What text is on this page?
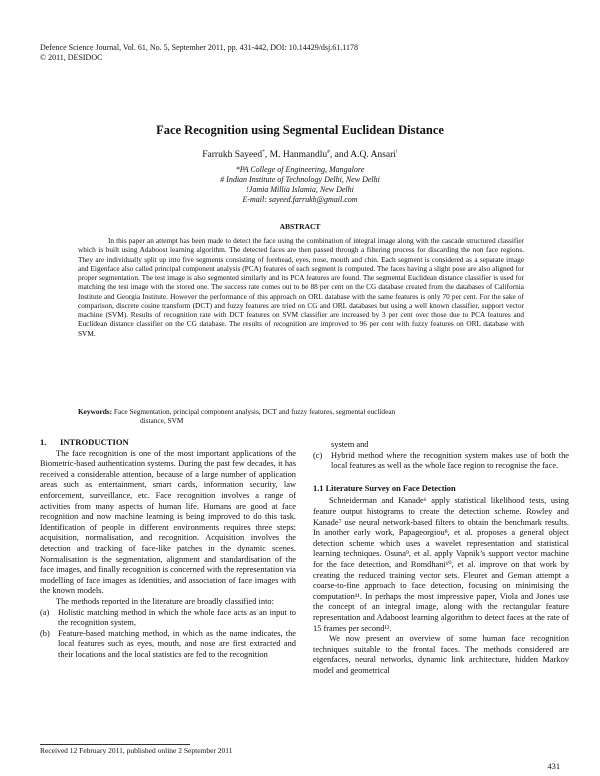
Defence Science Journal, Vol. 61, No. 5, September 2011, pp. 431-442, DOI: 10.14429/dsj.61.1178
© 2011, DESIDOC
Face Recognition using Segmental Euclidean Distance
Farrukh Sayeed*, M. Hanmandlu#, and A.Q. Ansari!
*PA College of Engineering, Mangalore
# Indian Institute of Technology Delhi, New Delhi
!Jamia Millia Islamia, New Delhi
E-mail: sayeed.farrukh@gmail.com
ABSTRACT

In this paper an attempt has been made to detect the face using the combination of integral image along with the cascade structured classifier which is built using Adaboost learning algorithm. The detected faces are then passed through a filtering process for discarding the non face regions. They are individually split up into five segments consisting of forehead, eyes, nose, mouth and chin. Each segment is considered as a separate image and Eigenface also called principal component analysis (PCA) features of each segment is computed. The faces having a slight pose are also aligned for proper segmentation. The test image is also segmented similarly and its PCA features are found. The segmental Euclidean distance classifier is used for matching the test image with the stored one. The success rate comes out to be 88 per cent on the CG database created from the databases of California Institute and Georgia Institute. However the performance of this approach on ORL database with the same features is only 70 per cent. For the sake of comparison, discrete cosine transform (DCT) and fuzzy features are tried on CG and ORL databases but using a well known classifier, support vector machine (SVM). Results of recognition rate with DCT features on SVM classifier are increased by 3 per cent over those due to PCA features and Euclidean distance classifier on the CG database. The results of recognition are improved to 96 per cent with fuzzy features on ORL database with SVM.

Keywords: Face Segmentation, principal component analysis, DCT and fuzzy features, segmental euclidean
distance, SVM
1. INTRODUCTION

The face recognition is one of the most important applications of the Biometric-based authentication systems. During the past few decades, it has received a considerable attention, because of a large number of application areas such as entertainment, smart cards, information security, law enforcement, surveillance, etc. Face recognition involves a range of activities from many aspects of human life. Humans are good at face recognition and now machine learning is being improved to do this task. Identification of people in different environments requires three steps: acquisition, normalisation, and recognition. Acquisition involves the detection and tracking of face-like patches in the dynamic scenes. Normalisation is the segmentation, alignment and standardisation of the face images, and finally recognition is concerned with the representation via modelling of face images as identities, and association of face images with the known models.

The methods reported in the literature are broadly classified into:

(a)	Holistic matching method in which the whole face acts as an input to the recognition system,
(b) Feature-based matching method, in which as the name indicates, the local features such as eyes, mouth, and nose are first extracted and their locations and the local statistics are fed to the recognition
system and
(c)	Hybrid method where the recognition system makes use of both the local features as well as the whole face region to recognise the face.
1.1 Literature Survey on Face Detection

Schneiderman and Kanade⁶ apply statistical likelihood tests, using feature output histograms to create the detection scheme. Rowley and Kanade⁷ use neural network-based filters to obtain the benchmark results. In another early work, Papageorgiou⁸, et al. proposes a general object detection scheme which uses a wavelet representation and statistical learning techniques. Osuna⁹, et al. apply Vapnik’s support vector machine for the face detection, and Romdhani¹⁰, et al. improve on that work by creating the reduced training vector sets. Fleuret and Geman attempt a coarse-to-fine approach to face detection, focusing on minimising the computation¹¹. In perhaps the most impressive paper, Viola and Jones use the concept of an integral image, along with the rectangular feature representation and Adaboost learning algorithm to detect faces at the rate of 15 frames per second¹².

We now present an overview of some human face recognition techniques suitable to the frontal faces. The methods considered are eigenfaces, neural networks, dynamic link architecture, hidden Markov model and geometrical

Received 12 February 2011, published online 2 September 2011
431
